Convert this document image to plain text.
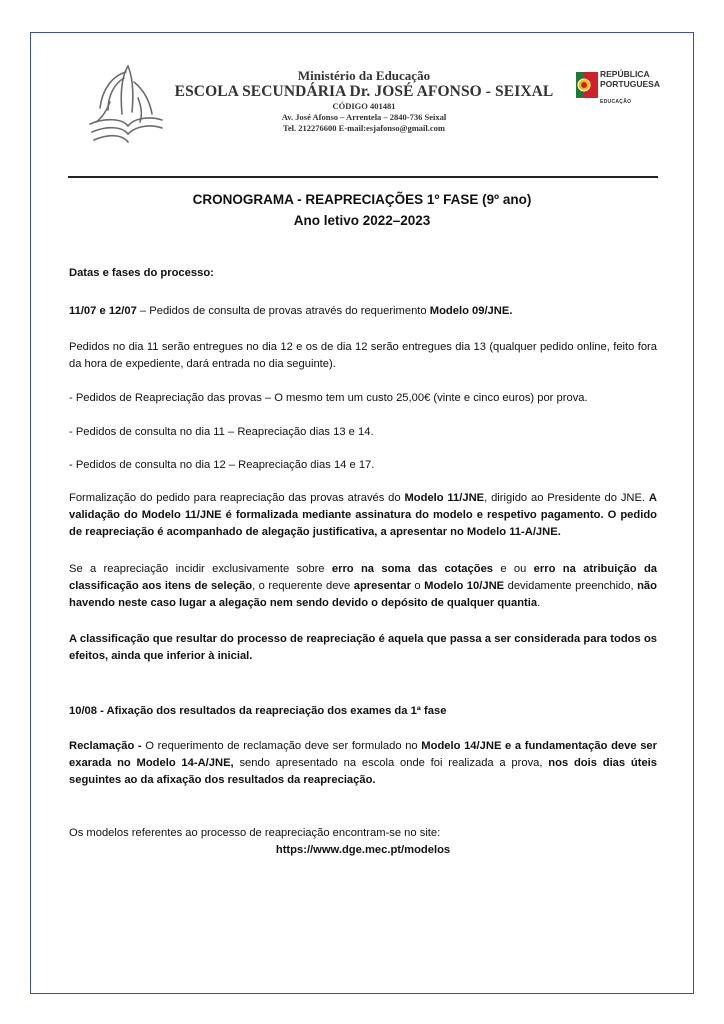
Ministério da Educação
ESCOLA SECUNDÁRIA Dr. JOSÉ AFONSO - SEIXAL
CÓDIGO 401481
Av. José Afonso – Arrentela – 2840-736 Seixal
Tel. 212276600 E-mail:esjafonso@gmail.com
REPÚBLICA
PORTUGUESA
EDUCAÇÃO
CRONOGRAMA - REAPRECIAÇÕES 1º FASE (9º ano)
Ano letivo 2022–2023

Datas e fases do processo:

11/07 e 12/07 – Pedidos de consulta de provas através do requerimento Modelo 09/JNE.

Pedidos no dia 11 serão entregues no dia 12 e os de dia 12 serão entregues dia 13 (qualquer pedido online, feito fora da hora de expediente, dará entrada no dia seguinte).

- Pedidos de Reapreciação das provas – O mesmo tem um custo 25,00€ (vinte e cinco euros) por prova.

- Pedidos de consulta no dia 11 – Reapreciação dias 13 e 14.

- Pedidos de consulta no dia 12 – Reapreciação dias 14 e 17.

Formalização do pedido para reapreciação das provas através do Modelo 11/JNE, dirigido ao Presidente do JNE. A validação do Modelo 11/JNE é formalizada mediante assinatura do modelo e respetivo pagamento. O pedido de reapreciação é acompanhado de alegação justificativa, a apresentar no Modelo 11-A/JNE.

Se a reapreciação incidir exclusivamente sobre erro na soma das cotações e ou erro na atribuição da classificação aos itens de seleção, o requerente deve apresentar o Modelo 10/JNE devidamente preenchido, não havendo neste caso lugar a alegação nem sendo devido o depósito de qualquer quantia.

A classificação que resultar do processo de reapreciação é aquela que passa a ser considerada para todos os efeitos, ainda que inferior à inicial.

10/08 - Afixação dos resultados da reapreciação dos exames da 1ª fase

Reclamação - O requerimento de reclamação deve ser formulado no Modelo 14/JNE e a fundamentação deve ser exarada no Modelo 14-A/JNE, sendo apresentado na escola onde foi realizada a prova, nos dois dias úteis seguintes ao da afixação dos resultados da reapreciação.

Os modelos referentes ao processo de reapreciação encontram-se no site:

https://www.dge.mec.pt/modelos
